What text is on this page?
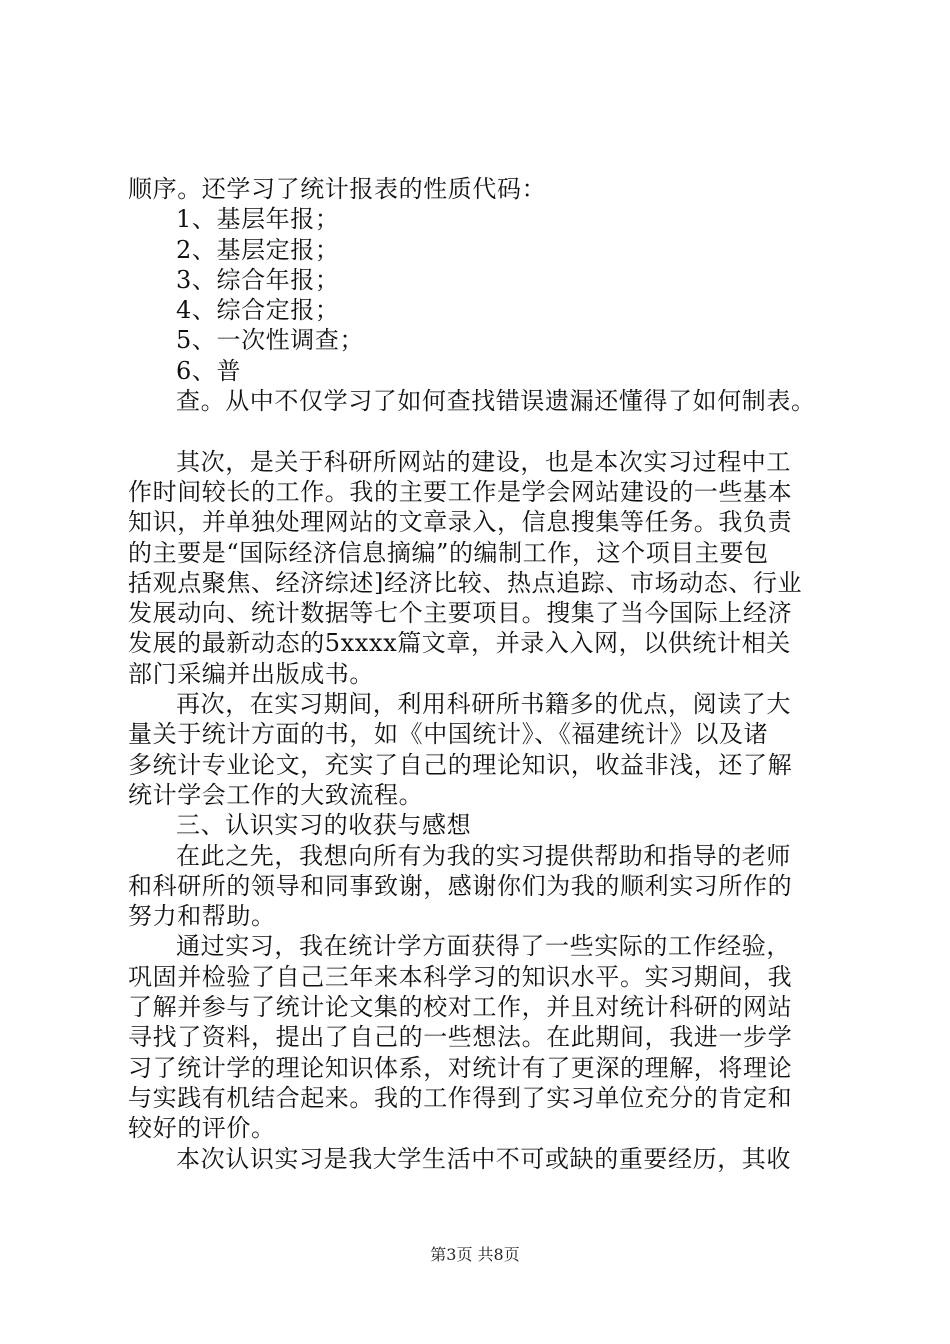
顺序。还学习了统计报表的性质代码：
1、基层年报；
2、基层定报；
3、综合年报；
4、综合定报；
5、一次性调查；
6、普
查。从中不仅学习了如何查找错误遗漏还懂得了如何制表。
其次，是关于科研所网站的建设，也是本次实习过程中工
作时间较长的工作。我的主要工作是学会网站建设的一些基本
知识，并单独处理网站的文章录入，信息搜集等任务。我负责
的主要是“国际经济信息摘编”的编制工作，这个项目主要包
括观点聚焦、经济综述]经济比较、热点追踪、市场动态、行业
发展动向、统计数据等七个主要项目。搜集了当今国际上经济
发展的最新动态的5xxxx篇文章，并录入入网，以供统计相关
部门采编并出版成书。
再次，在实习期间，利用科研所书籍多的优点，阅读了大
量关于统计方面的书，如《中国统计》、《福建统计》以及诸
多统计专业论文，充实了自己的理论知识，收益非浅，还了解
统计学会工作的大致流程。
三、认识实习的收获与感想
在此之先，我想向所有为我的实习提供帮助和指导的老师
和科研所的领导和同事致谢，感谢你们为我的顺利实习所作的
努力和帮助。
通过实习，我在统计学方面获得了一些实际的工作经验，
巩固并检验了自己三年来本科学习的知识水平。实习期间，我
了解并参与了统计论文集的校对工作，并且对统计科研的网站
寻找了资料，提出了自己的一些想法。在此期间，我进一步学
习了统计学的理论知识体系，对统计有了更深的理解，将理论
与实践有机结合起来。我的工作得到了实习单位充分的肯定和
较好的评价。
本次认识实习是我大学生活中不可或缺的重要经历，其收
第3页 共8页
